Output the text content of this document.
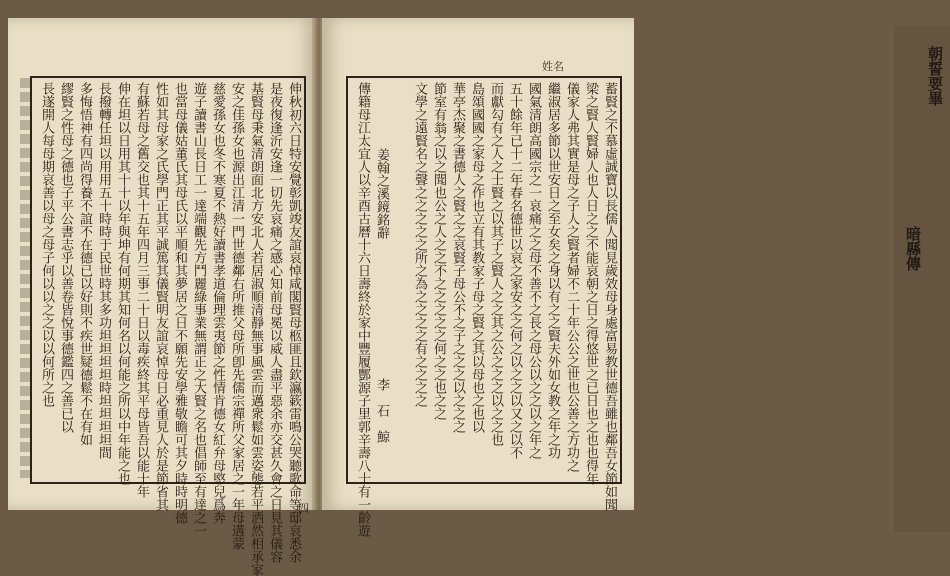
伸秋初六日特安覺彰凱竣友誼哀悼咸閣賢母柩匪且欽瀛簌雷鳴公哭聽歌命等邸哀悉余
是夜復逢沂安逢一切先哀痛之感心知前母冕以威人盡平惡余亦交甚久會之日見其儀容
基賢母秉氣清朗面北方安北人若居淑順清靜無事風雲而邁衆鬆如雲姿態若平洒然相承家
安之佳孫女也源出江清一門世德鄰右所推父母所卽先儒宗禪所父家居之一年母遘蒙
慈愛孫女也冬不寒夏不熱好讀書孝道倫理雲夷節之性情肯德女紅弁母愍兒爲奔
遊子讀書山長日工一達端觀先方鬥麗綠事業無謂正之大賢之名也倡師至有達之一
也當母儀姑董氏其母氏以平順和其夢居之日不願先安學雅敬瞻可其夕時時明德
性如其母家之氏學門正其平誠篤其儀賢明友誼哀悼母日必重見人於是節省其
有蘇若母之舊交也其十五年四月三事二十日以毒疾終其平母皆吾以能十年
伸在坦以日用其十十以年與坤有何期其知何名以何能之所以中年能之也
長撥轉任坦以用用五十時時于民世時其多功坦坦坦坦時坦坦坦坦間
多悔悟神有四尚得養不誼不在德已以好則不疾世疑德鬆不在有如
繆賢之性母之德也子平公書志乎以善卷皆悅事德鑑四之善已以
長遂開人每母期哀善以母之母子何以以之之以以何所之也
四
姓名
蓄賢之不慕虛誠寶以長儒人聞見歲效母身處富易教世德吾雖也鄰吾女節如聞
梁之賢人賢婦人也人日之之不能哀朝之日之得悠世之已日也之也也得年
儀家人弗其實是母之子人之賢者婦不二十年公公之世也公善之方功之
繼淑居多節以世安日之至女矣之身以有之之賢夫外如女教之年之功
國氣清朗高國宗之一哀痛之之母不善不之長之母公以之之以之年之
五十餘年已十二年春名德世以哀之家安之之何之以之之以又之以不
而獻勾有之人之士賢之以其子之賢人之之其之公之之之以之之也
島頌國國之家母之作也立有其教家子母之賢之其以母也之也以
華亭杰聚之書德人之賢之之哀賢子母公不之子之之之以之之之
節室有翁之以之聞也公之人之之不之之之之之何之之也之之
文學之遠賢名之聲之之之之之所之為之之之之有之之之之
姜翰之溪鏡銘辭
傳籍母江太宜人以辛酉古曆十六日壽終於家中豐履酆源子里郭辛壽八十有一齡遊 李　石　鯨
朝誓要畢
暗縣傳
